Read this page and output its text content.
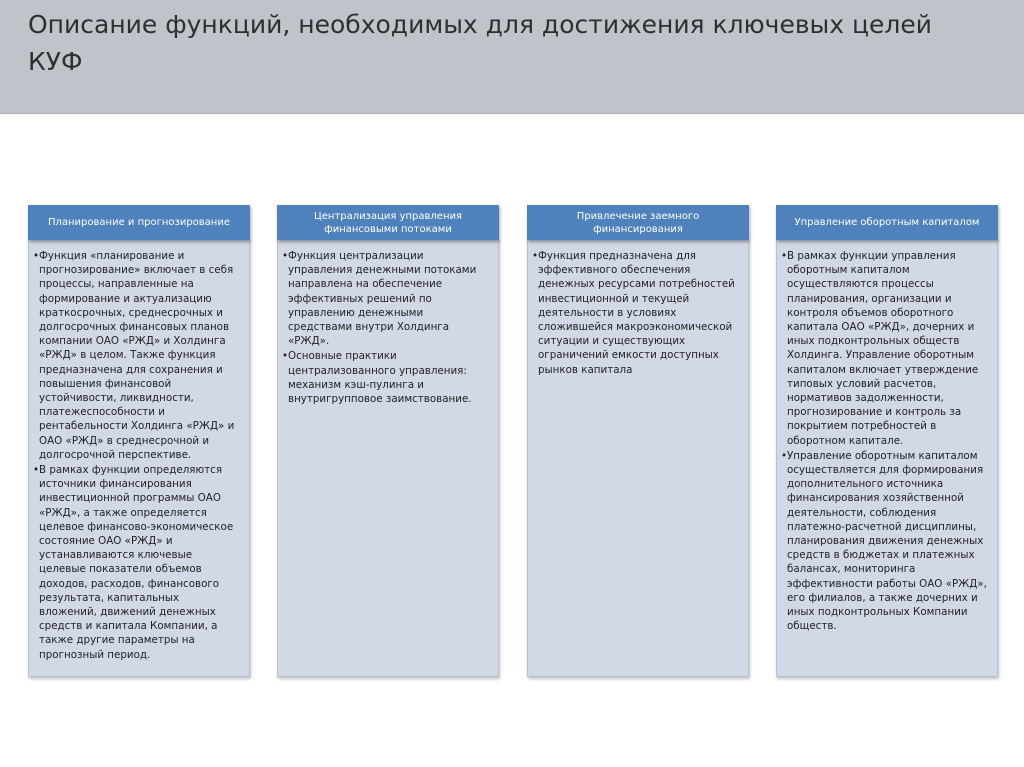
Описание функций, необходимых для достижения ключевых целей КУФ
Планирование и прогнозирование
• Функция «планирование и прогнозирование» включает в себя процессы, направленные на формирование и актуализацию краткосрочных, среднесрочных и долгосрочных финансовых планов компании ОАО «РЖД» и Холдинга «РЖД» в целом. Также функция предназначена для сохранения и повышения финансовой устойчивости, ликвидности, платежеспособности и рентабельности Холдинга «РЖД» и ОАО «РЖД» в среднесрочной и долгосрочной перспективе.
• В рамках функции определяются источники финансирования инвестиционной программы ОАО «РЖД», а также определяется целевое финансово-экономическое состояние ОАО «РЖД» и устанавливаются ключевые целевые показатели объемов доходов, расходов, финансового результата, капитальных вложений, движений денежных средств и капитала Компании, а также другие параметры на прогнозный период.
Централизация управления финансовыми потоками
• Функция централизации управления денежными потоками направлена на обеспечение эффективных решений по управлению денежными средствами внутри Холдинга «РЖД».
• Основные практики централизованного управления: механизм кэш-пулинга и внутригрупповое заимствование.
Привлечение заемного финансирования
• Функция предназначена для эффективного обеспечения денежных ресурсами потребностей инвестиционной и текущей деятельности в условиях сложившейся макроэкономической ситуации и существующих ограничений емкости доступных рынков капитала
Управление оборотным капиталом
• В рамках функции управления оборотным капиталом осуществляются процессы планирования, организации и контроля объемов оборотного капитала ОАО «РЖД», дочерних и иных подконтрольных обществ Холдинга. Управление оборотным капиталом включает утверждение типовых условий расчетов, нормативов задолженности, прогнозирование и контроль за покрытием потребностей в оборотном капитале.
• Управление оборотным капиталом осуществляется для формирования дополнительного источника финансирования хозяйственной деятельности, соблюдения платежно-расчетной дисциплины, планирования движения денежных средств в бюджетах и платежных балансах, мониторинга эффективности работы ОАО «РЖД», его филиалов, а также дочерних и иных подконтрольных Компании обществ.
